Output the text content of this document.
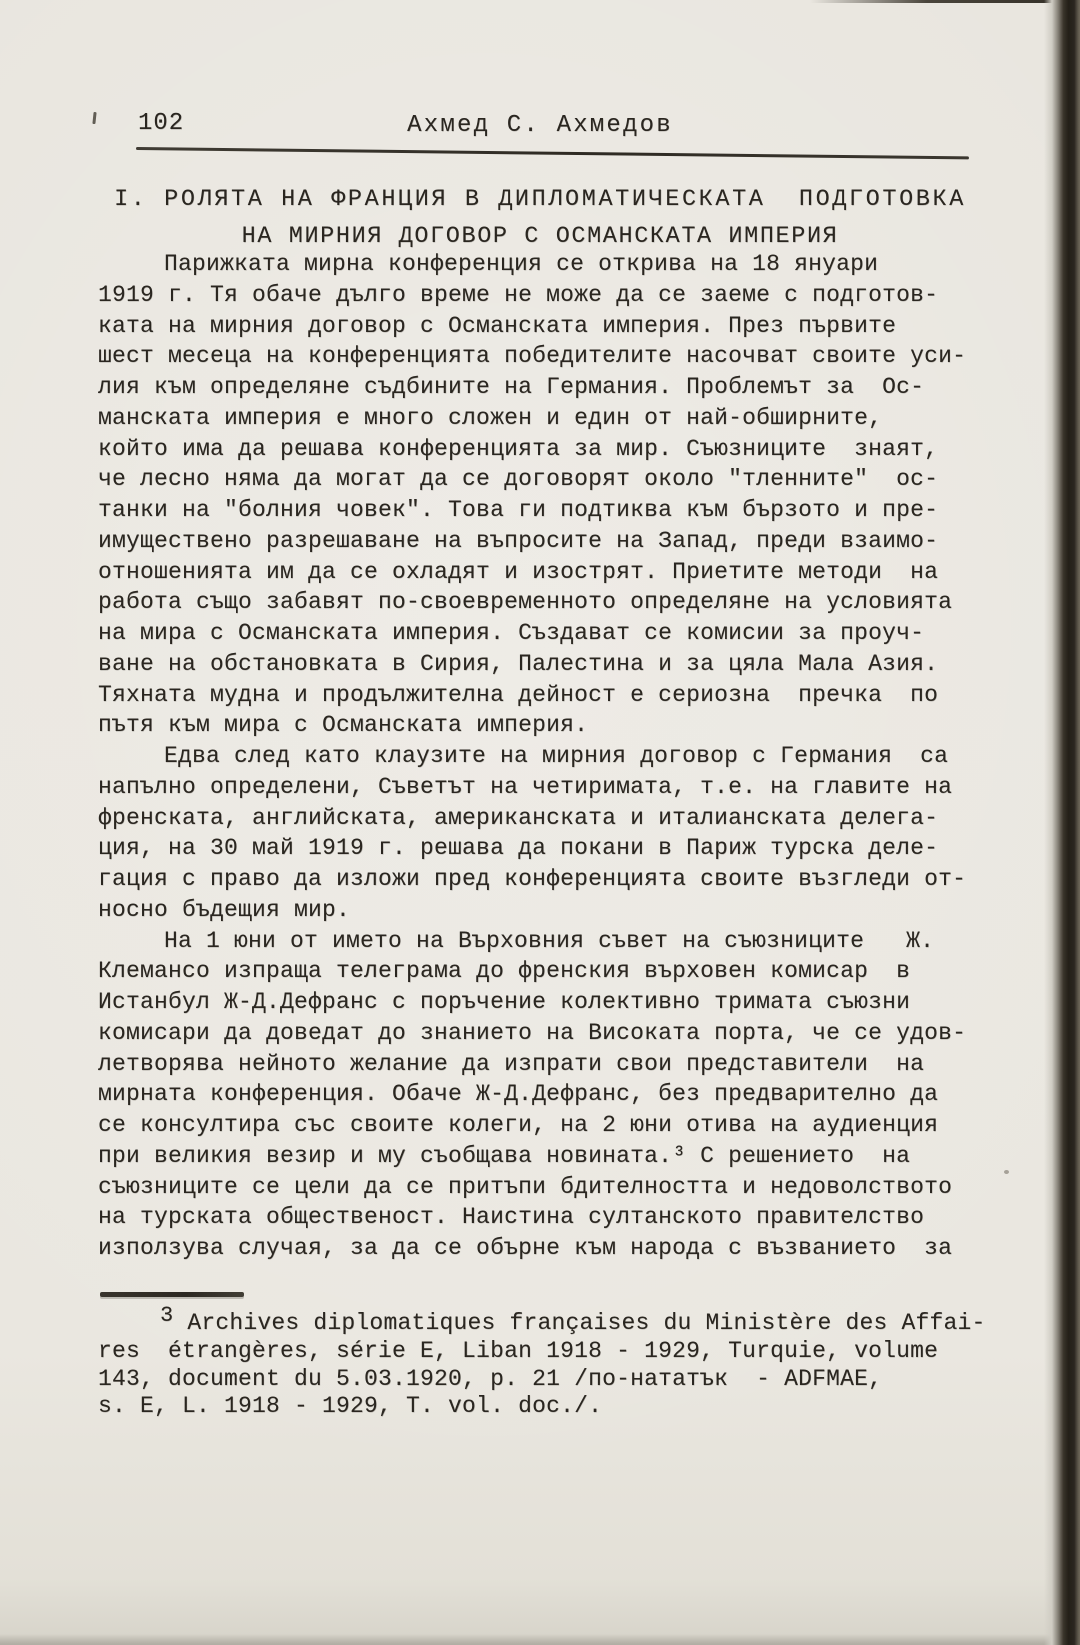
102	Ахмед С. Ахмедов
I. РОЛЯТА НА ФРАНЦИЯ В ДИПЛОМАТИЧЕСКАТА  ПОДГОТОВКА
НА МИРНИЯ ДОГОВОР С ОСМАНСКАТА ИМПЕРИЯ
Парижката мирна конференция се открива на 18 януари
1919 г. Тя обаче дълго време не може да се заеме с подготов-
ката на мирния договор с Османската империя. През първите
шест месеца на конференцията победителите насочват своите уси-
лия към определяне съдбините на Германия. Проблемът за  Ос-
манската империя е много сложен и един от най-обширните,
който има да решава конференцията за мир. Съюзниците  знаят,
че лесно няма да могат да се договорят около "тленните"  ос-
танки на "болния човек". Това ги подтиква към бързото и пре-
имуществено разрешаване на въпросите на Запад, преди взаимо-
отношенията им да се охладят и изострят. Приетите методи  на
работа също забавят по-своевременното определяне на условията
на мира с Османската империя. Създават се комисии за проуч-
ване на обстановката в Сирия, Палестина и за цяла Мала Азия.
Тяхната мудна и продължителна дейност е сериозна  пречка  по
пътя към мира с Османската империя.
Едва след като клаузите на мирния договор с Германия  са
напълно определени, Съветът на четиримата, т.е. на главите на
френската, английската, американската и италианската делега-
ция, на 30 май 1919 г. решава да покани в Париж турска деле-
гация с право да изложи пред конференцията своите възгледи от-
носно бъдещия мир.
На 1 юни от името на Върховния съвет на съюзниците   Ж.
Клемансо изпраща телеграма до френския върховен комисар  в
Истанбул Ж-Д.Дефранс с поръчение колективно тримата съюзни
комисари да доведат до знанието на Високата порта, че се удов-
летворява нейното желание да изпрати свои представители  на
мирната конференция. Обаче Ж-Д.Дефранс, без предварително да
се консултира със своите колеги, на 2 юни отива на аудиенция
при великия везир и му съобщава новината.³ С решението  на
съюзниците се цели да се притъпи бдителността и недоволството
на турската общественост. Наистина султанското правителство
използува случая, за да се обърне към народа с възванието  за
3 Archives diplomatiques françaises du Ministère des Affai-
res  étrangères, série E, Liban 1918 - 1929, Turquie, volume
143, document du 5.03.1920, p. 21 /по-нататък  - ADFMAE,
s. E, L. 1918 - 1929, T. vol. doc./.
